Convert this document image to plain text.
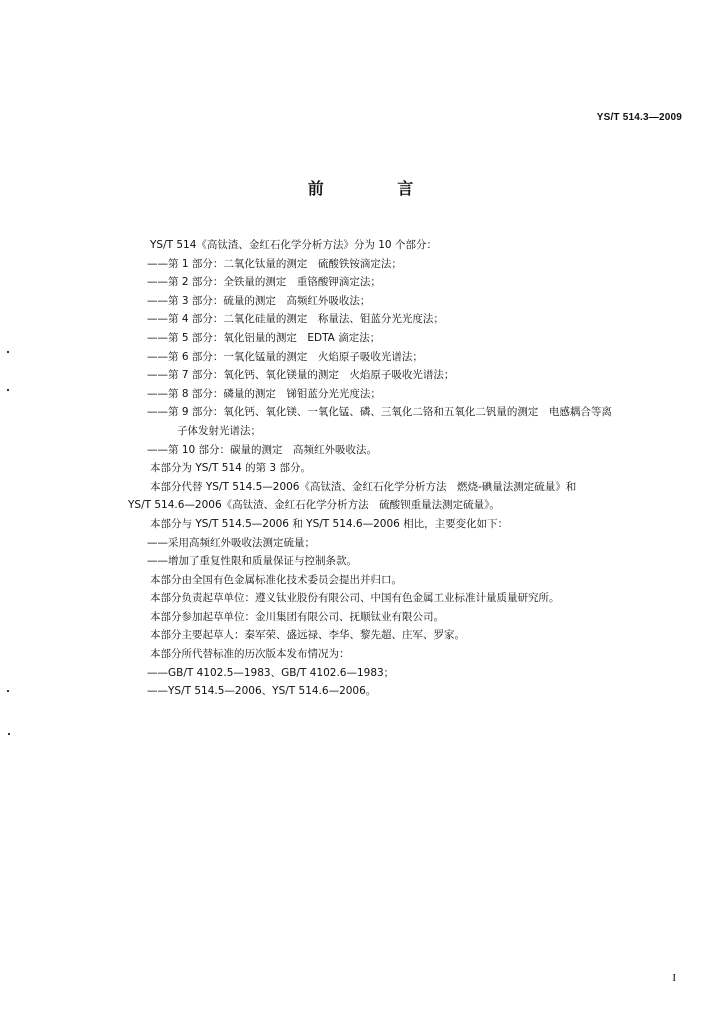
YS/T 514.3—2009
前 言
YS/T 514《高钛渣、金红石化学分析方法》分为 10 个部分：
——第 1 部分：二氧化钛量的测定　硫酸铁铵滴定法；
——第 2 部分：全铁量的测定　重铬酸钾滴定法；
——第 3 部分：硫量的测定　高频红外吸收法；
——第 4 部分：二氧化硅量的测定　称量法、钼蓝分光光度法；
——第 5 部分：氧化铝量的测定　EDTA 滴定法；
——第 6 部分：一氧化锰量的测定　火焰原子吸收光谱法；
——第 7 部分：氧化钙、氧化镁量的测定　火焰原子吸收光谱法；
——第 8 部分：磷量的测定　锑钼蓝分光光度法；
——第 9 部分：氧化钙、氧化镁、一氧化锰、磷、三氧化二铬和五氧化二钒量的测定　电感耦合等离
子体发射光谱法；
——第 10 部分：碳量的测定　高频红外吸收法。
本部分为 YS/T 514 的第 3 部分。
本部分代替 YS/T 514.5—2006《高钛渣、金红石化学分析方法　燃烧-碘量法测定硫量》和
YS/T 514.6—2006《高钛渣、金红石化学分析方法　硫酸钡重量法测定硫量》。
本部分与 YS/T 514.5—2006 和 YS/T 514.6—2006 相比，主要变化如下：
——采用高频红外吸收法测定硫量；
——增加了重复性限和质量保证与控制条款。
本部分由全国有色金属标准化技术委员会提出并归口。
本部分负责起草单位：遵义钛业股份有限公司、中国有色金属工业标准计量质量研究所。
本部分参加起草单位：金川集团有限公司、抚顺钛业有限公司。
本部分主要起草人：秦军荣、盛远禄、李华、黎先超、庄军、罗家。
本部分所代替标准的历次版本发布情况为：
——GB/T 4102.5—1983、GB/T 4102.6—1983；
——YS/T 514.5—2006、YS/T 514.6—2006。
I
